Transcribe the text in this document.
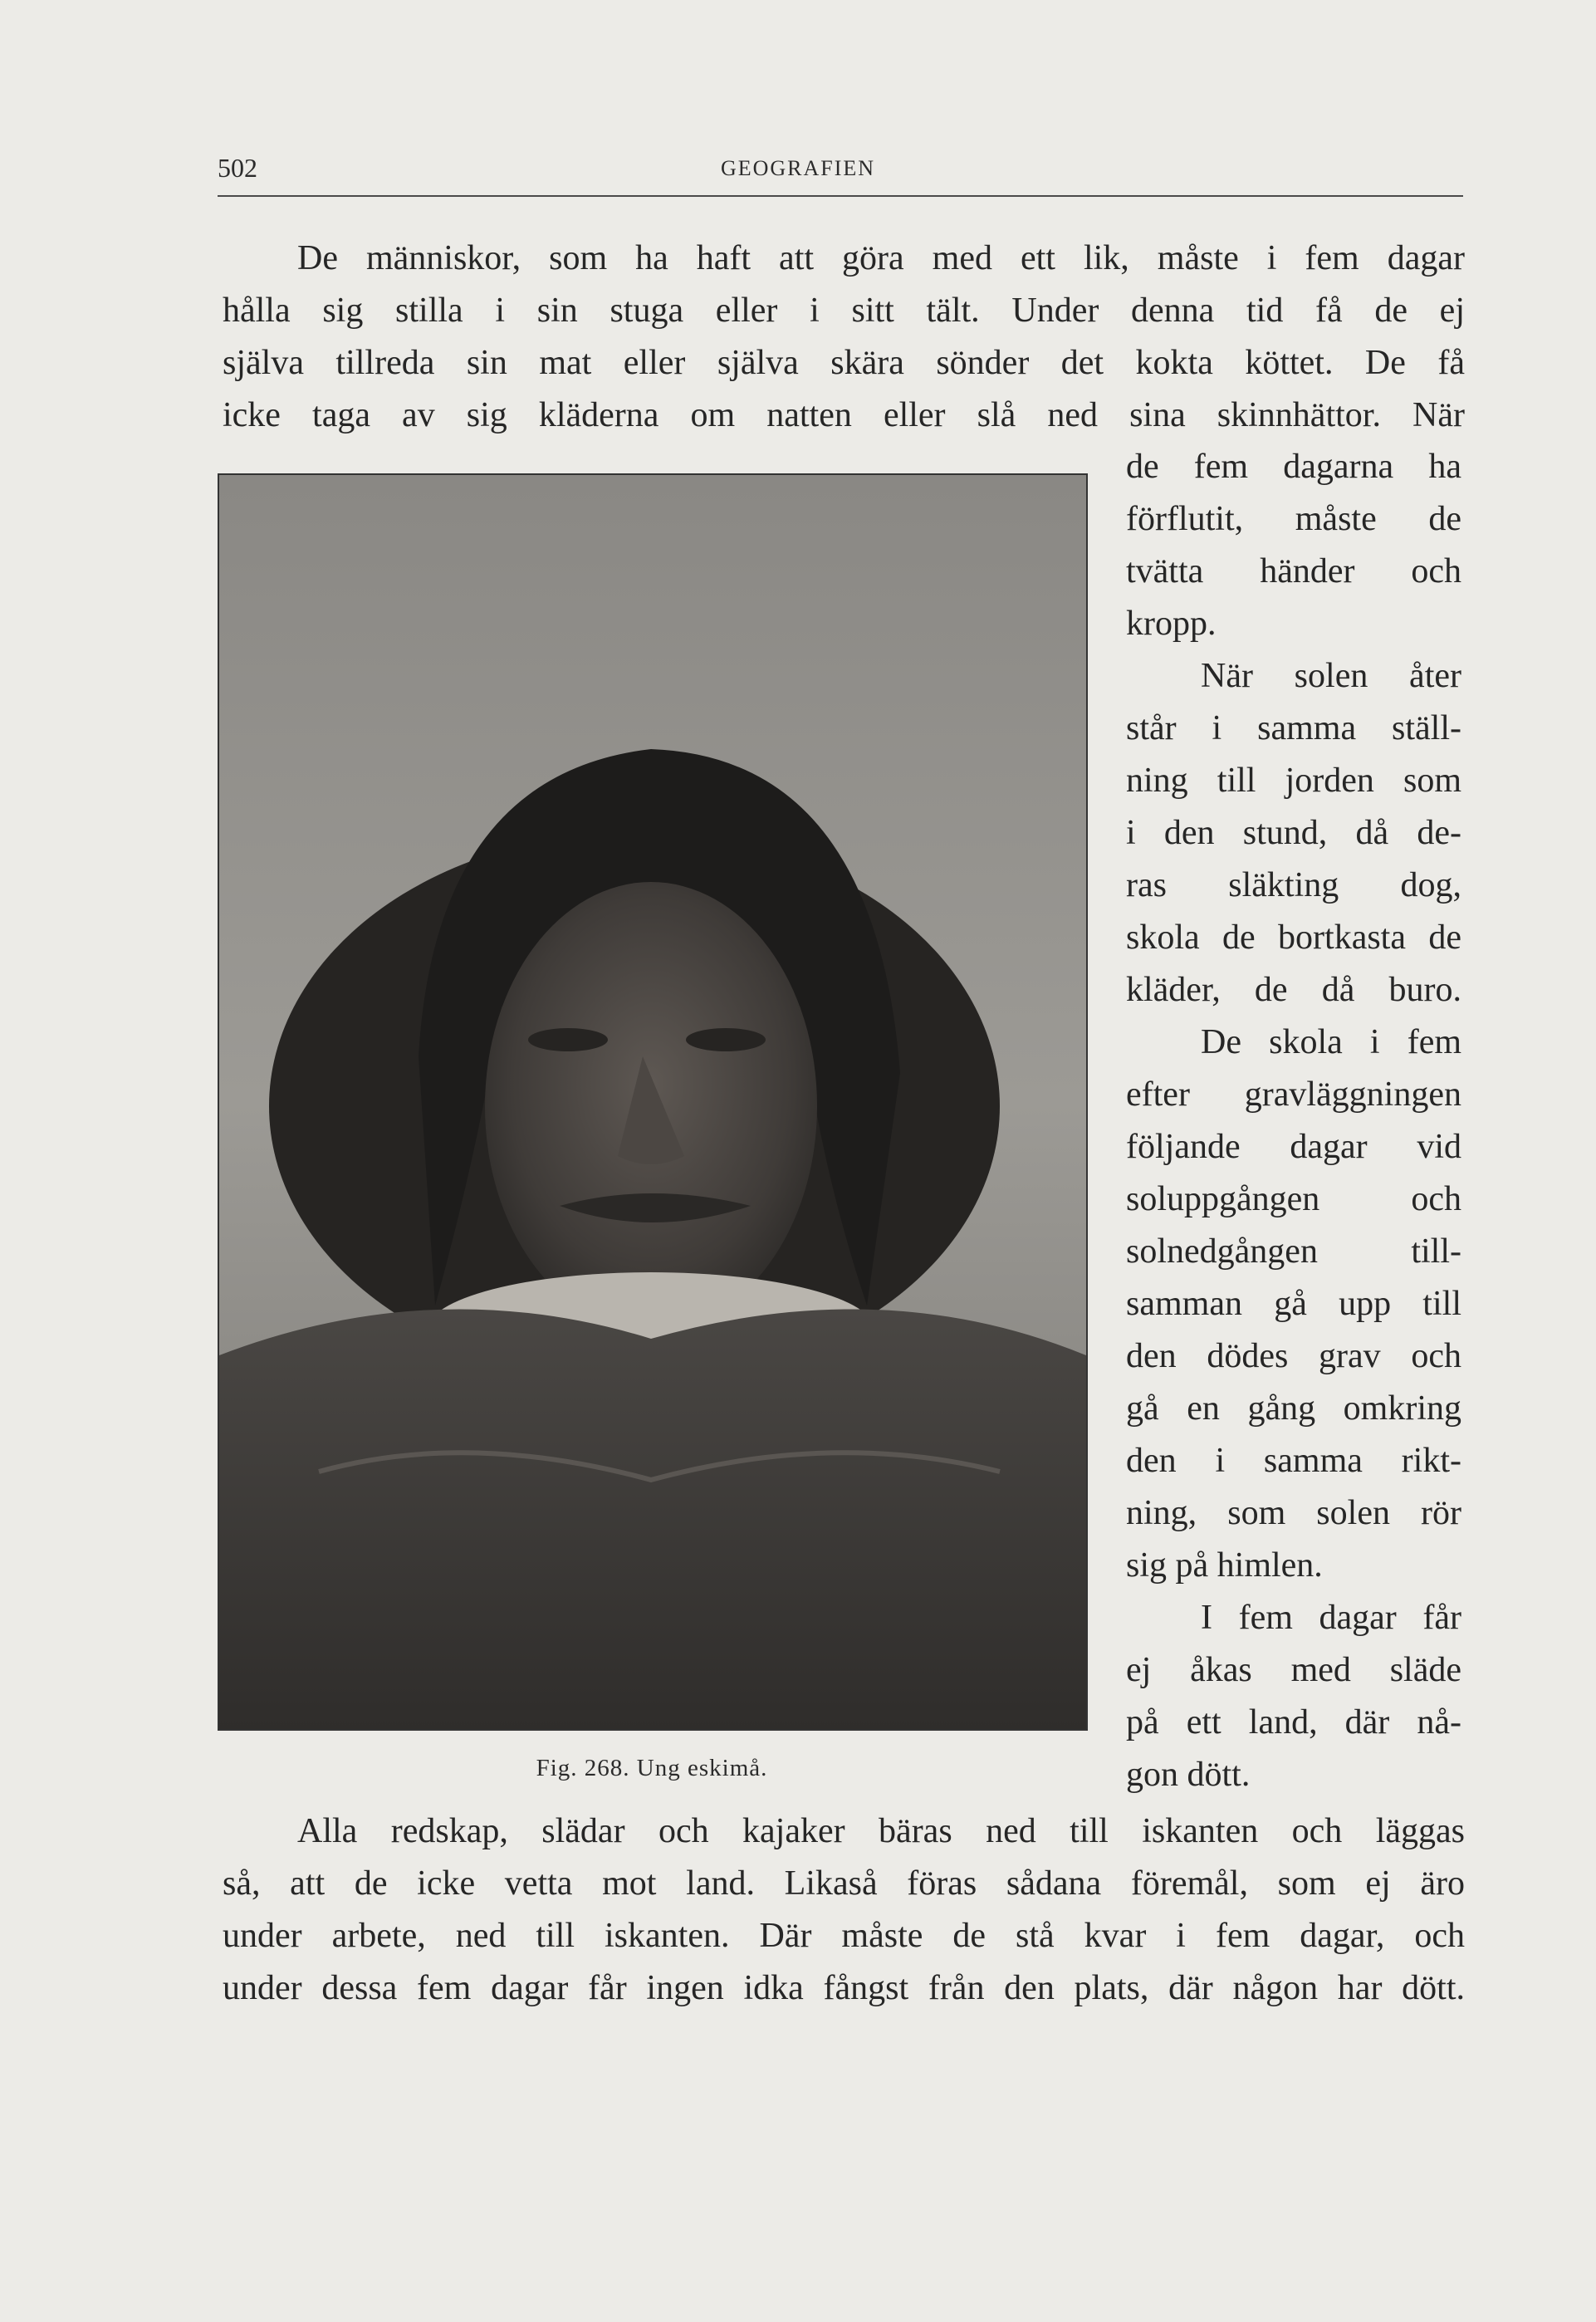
502	GEOGRAFIEN
De människor, som ha haft att göra med ett lik, måste i fem dagar
hålla sig stilla i sin stuga eller i sitt tält. Under denna tid få de ej
själva tillreda sin mat eller själva skära sönder det kokta köttet. De få
icke taga av sig kläderna om natten eller slå ned sina skinnhättor. När
Fig. 268. Ung eskimå.
de fem dagarna ha
förflutit, måste de
tvätta händer och
kropp.
När solen åter
står i samma ställ-
ning till jorden som
i den stund, då de-
ras släkting dog,
skola de bortkasta de
kläder, de då buro.
De skola i fem
efter gravläggningen
följande dagar vid
soluppgången och
solnedgången till-
samman gå upp till
den dödes grav och
gå en gång omkring
den i samma rikt-
ning, som solen rör
sig på himlen.
I fem dagar får
ej åkas med släde
på ett land, där nå-
gon dött.
Alla redskap, slädar och kajaker bäras ned till iskanten och läggas
så, att de icke vetta mot land. Likaså föras sådana föremål, som ej äro
under arbete, ned till iskanten. Där måste de stå kvar i fem dagar, och
under dessa fem dagar får ingen idka fångst från den plats, där någon har dött.
